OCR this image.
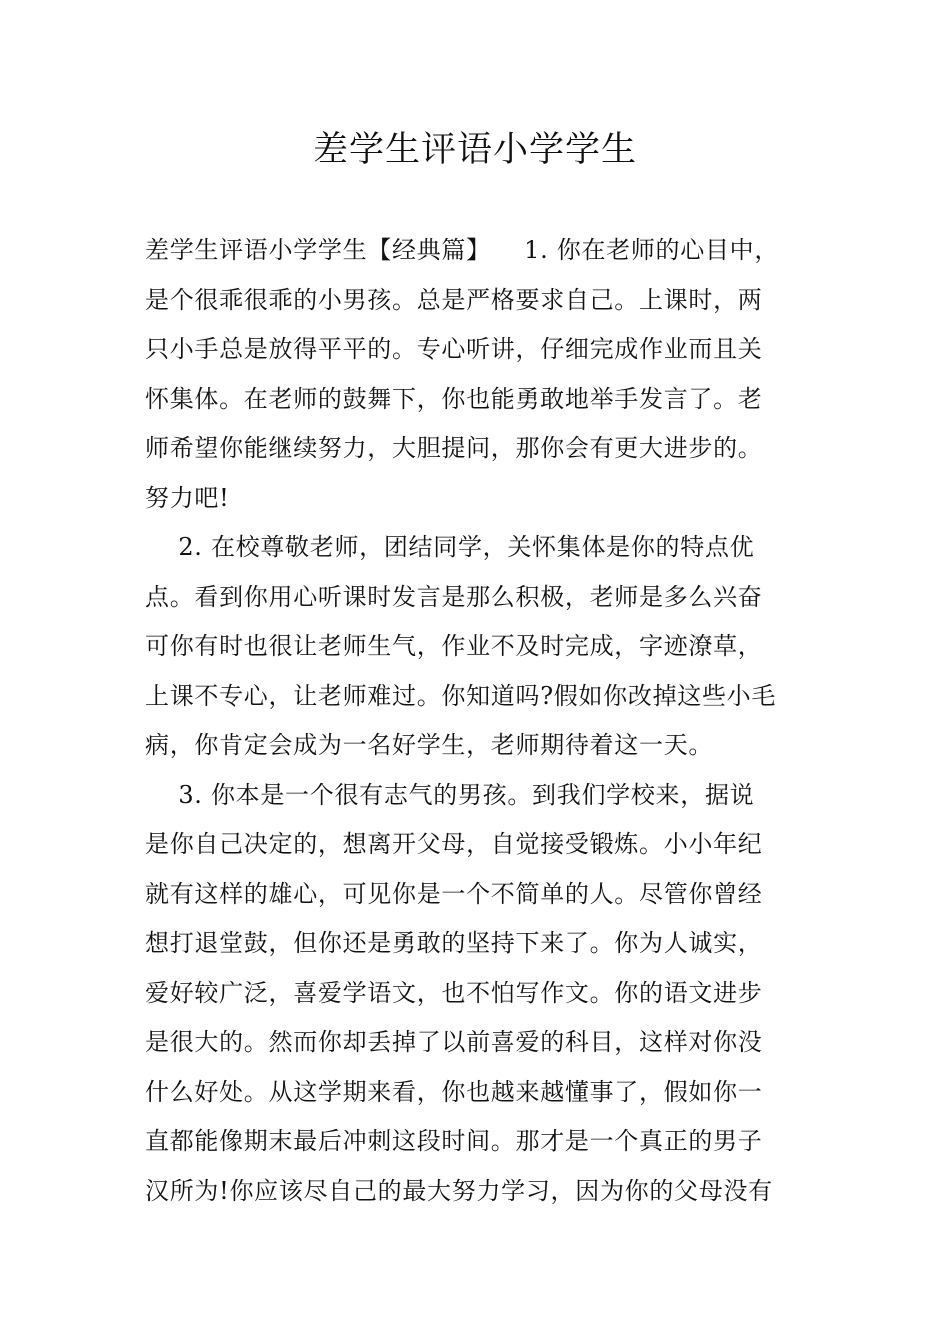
差学生评语小学学生
差学生评语小学学生【经典篇】    1. 你在老师的心目中，
是个很乖很乖的小男孩。总是严格要求自己。上课时，两
只小手总是放得平平的。专心听讲，仔细完成作业而且关
怀集体。在老师的鼓舞下，你也能勇敢地举手发言了。老
师希望你能继续努力，大胆提问，那你会有更大进步的。
努力吧!
2. 在校尊敬老师，团结同学，关怀集体是你的特点优
点。看到你用心听课时发言是那么积极，老师是多么兴奋
可你有时也很让老师生气，作业不及时完成，字迹潦草，
上课不专心，让老师难过。你知道吗?假如你改掉这些小毛
病，你肯定会成为一名好学生，老师期待着这一天。
3. 你本是一个很有志气的男孩。到我们学校来，据说
是你自己决定的，想离开父母，自觉接受锻炼。小小年纪
就有这样的雄心，可见你是一个不简单的人。尽管你曾经
想打退堂鼓，但你还是勇敢的坚持下来了。你为人诚实，
爱好较广泛，喜爱学语文，也不怕写作文。你的语文进步
是很大的。然而你却丢掉了以前喜爱的科目，这样对你没
什么好处。从这学期来看，你也越来越懂事了，假如你一
直都能像期末最后冲刺这段时间。那才是一个真正的男子
汉所为!你应该尽自己的最大努力学习，因为你的父母没有
